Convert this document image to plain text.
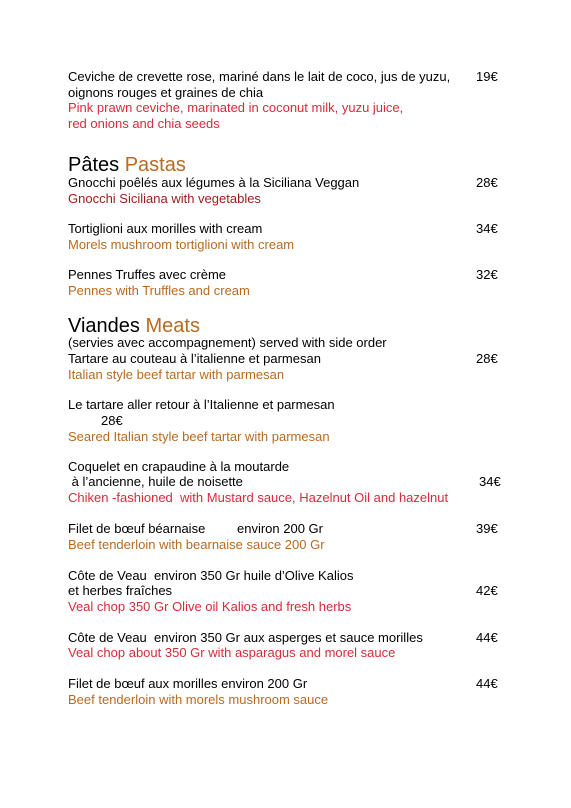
Ceviche de crevette rose, mariné dans le lait de coco, jus de yuzu,
oignons rouges et graines de chia
Pink prawn ceviche, marinated in coconut milk, yuzu juice,
red onions and chia seeds
19€
Pâtes Pastas
Gnocchi poêlés aux légumes à la Siciliana Veggan
Gnocchi Siciliana with vegetables
28€
Tortiglioni aux morilles with cream
Morels mushroom tortiglioni with cream
34€
Pennes Truffes avec crème
Pennes with Truffles and cream
32€
Viandes Meats
(servies avec accompagnement) served with side order
Tartare au couteau à l’italienne et parmesan
Italian style beef tartar with parmesan
28€
Le tartare aller retour à l’Italienne et parmesan
28€
Seared Italian style beef tartar with parmesan
Coquelet en crapaudine à la moutarde
à l’ancienne, huile de noisette
Chiken -fashioned  with Mustard sauce, Hazelnut Oil and hazelnut
34€
Filet de bœuf béarnaise environ 200 Gr
Beef tenderloin with bearnaise sauce 200 Gr
39€
Côte de Veau  environ 350 Gr huile d’Olive Kalios
et herbes fraîches
Veal chop 350 Gr Olive oil Kalios and fresh herbs
42€
Côte de Veau  environ 350 Gr aux asperges et sauce morilles
Veal chop about 350 Gr with asparagus and morel sauce
44€
Filet de bœuf aux morilles environ 200 Gr
Beef tenderloin with morels mushroom sauce
44€
